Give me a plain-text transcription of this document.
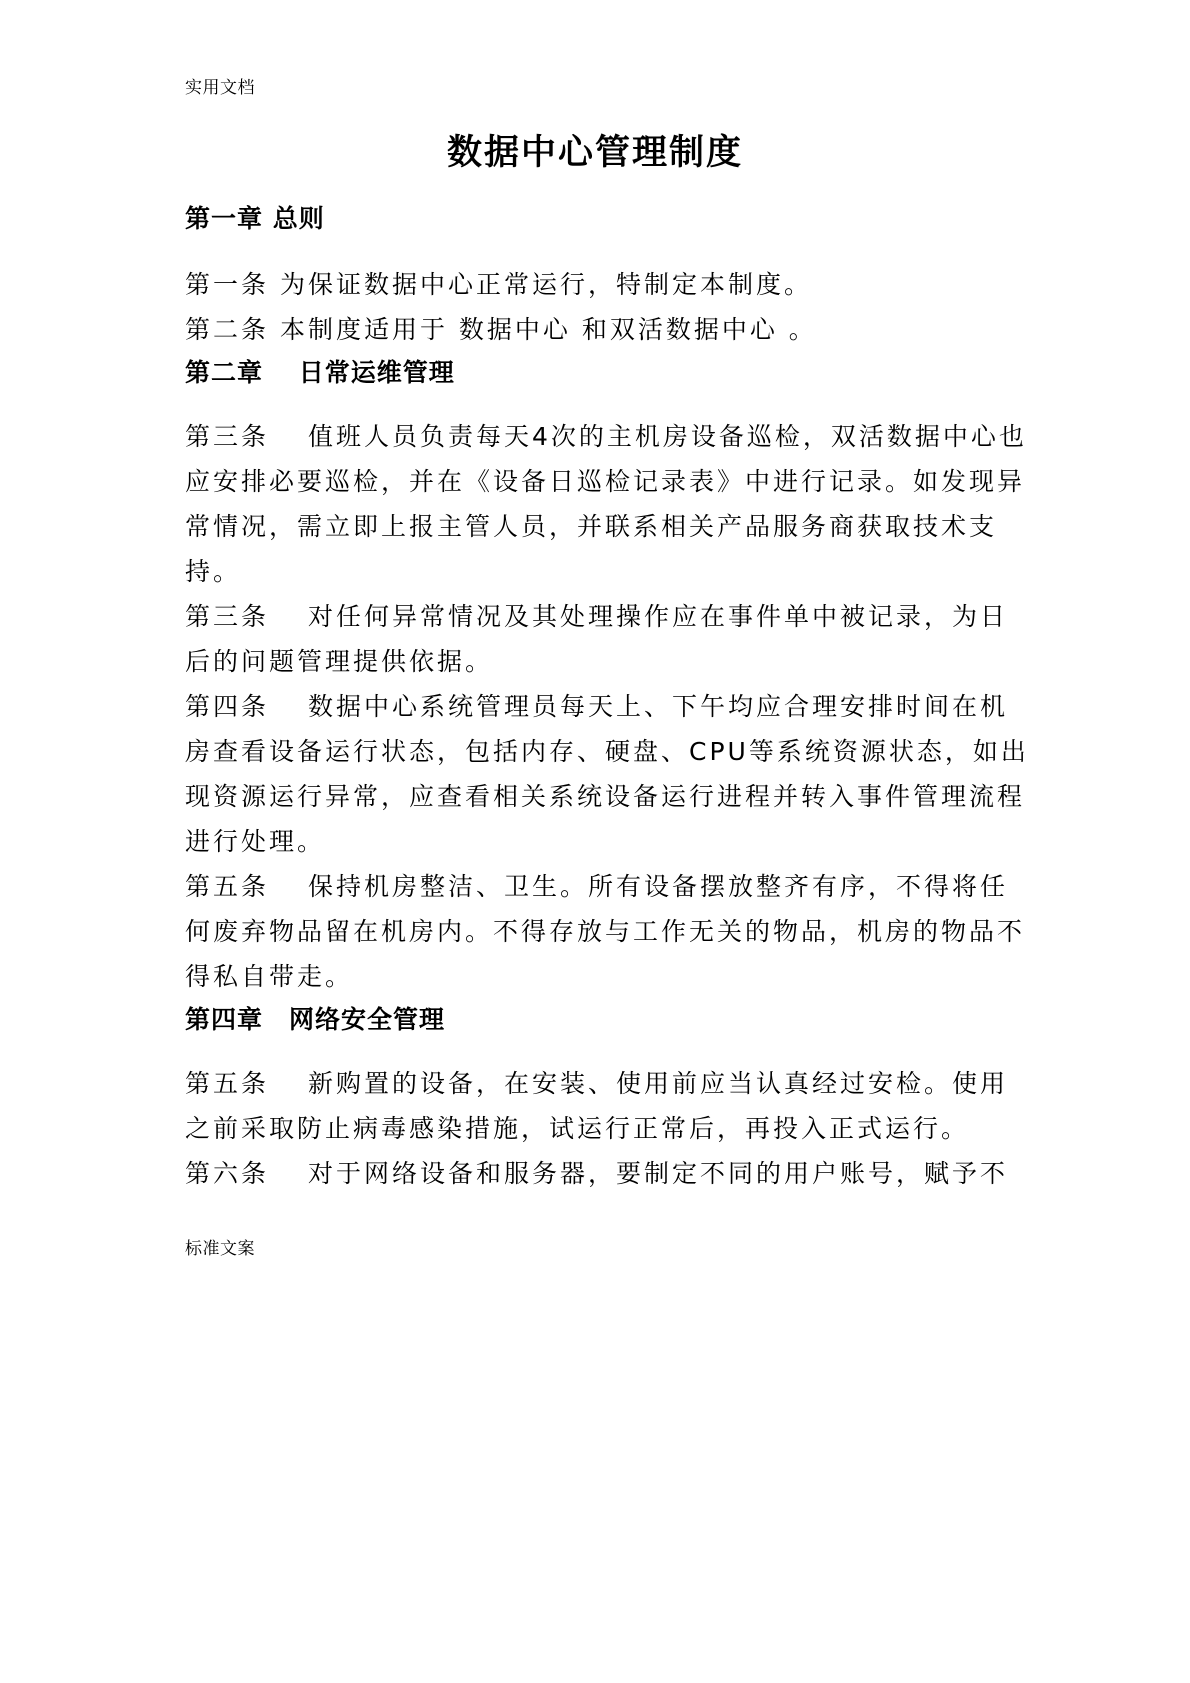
实用文档
数据中心管理制度
第一章 总则
第一条 为保证数据中心正常运行，特制定本制度。
第二条 本制度适用于 数据中心 和双活数据中心 。
第二章　 日常运维管理
第三条　 值班人员负责每天4次的主机房设备巡检，双活数据中心也应安排必要巡检，并在《设备日巡检记录表》中进行记录。如发现异常情况，需立即上报主管人员，并联系相关产品服务商获取技术支持。
第三条　 对任何异常情况及其处理操作应在事件单中被记录，为日后的问题管理提供依据。
第四条　 数据中心系统管理员每天上、下午均应合理安排时间在机房查看设备运行状态，包括内存、硬盘、CPU等系统资源状态，如出现资源运行异常，应查看相关系统设备运行进程并转入事件管理流程进行处理。
第五条　 保持机房整洁、卫生。所有设备摆放整齐有序，不得将任何废弃物品留在机房内。不得存放与工作无关的物品，机房的物品不得私自带走。
第四章　网络安全管理
第五条　 新购置的设备，在安装、使用前应当认真经过安检。使用之前采取防止病毒感染措施，试运行正常后，再投入正式运行。
第六条　 对于网络设备和服务器，要制定不同的用户账号，赋予不
标准文案
